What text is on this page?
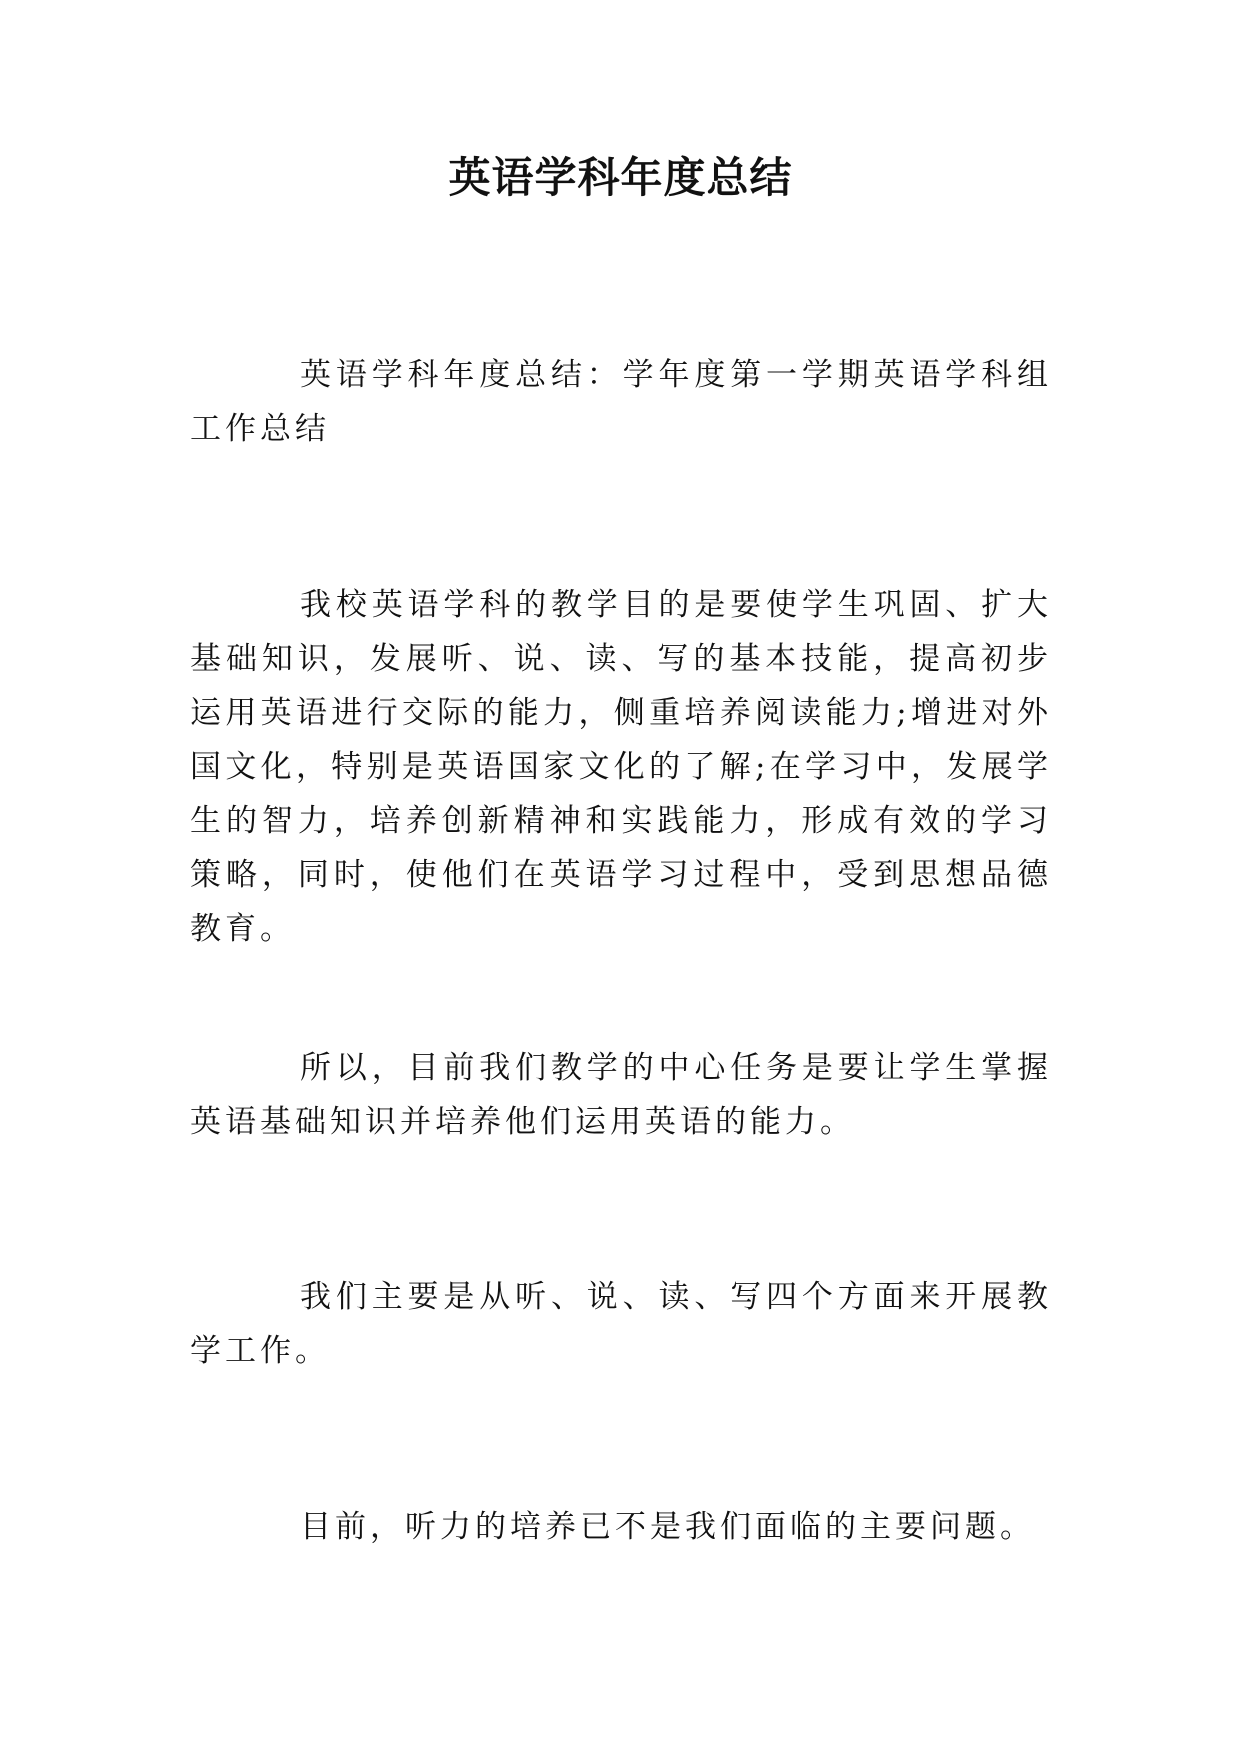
英语学科年度总结

英语学科年度总结：学年度第一学期英语学科组工作总结

我校英语学科的教学目的是要使学生巩固、扩大基础知识，发展听、说、读、写的基本技能，提高初步运用英语进行交际的能力，侧重培养阅读能力;增进对外国文化，特别是英语国家文化的了解;在学习中，发展学生的智力，培养创新精神和实践能力，形成有效的学习策略，同时，使他们在英语学习过程中，受到思想品德教育。

所以，目前我们教学的中心任务是要让学生掌握英语基础知识并培养他们运用英语的能力。

我们主要是从听、说、读、写四个方面来开展教学工作。

目前，听力的培养已不是我们面临的主要问题。
